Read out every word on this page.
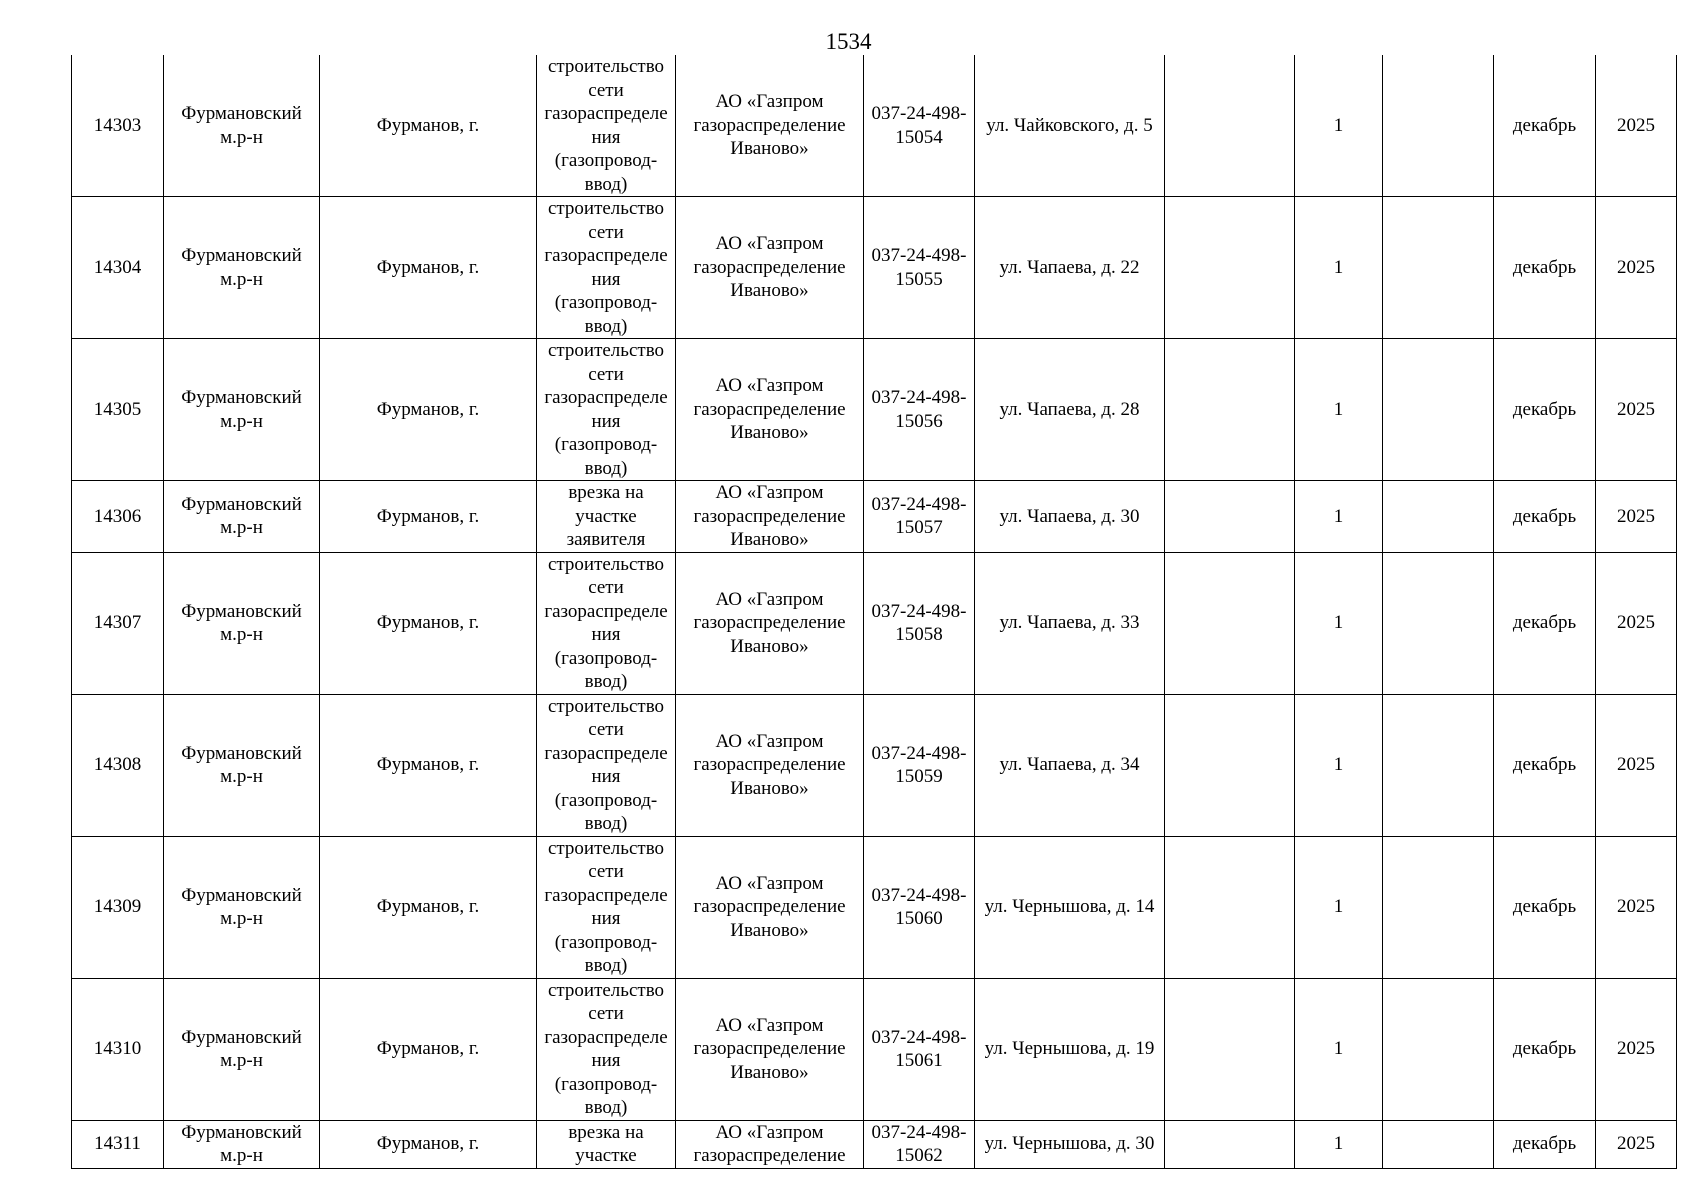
1534
14303	Фурмановский м.р-н	Фурманов, г.	строительство сети газораспределения (газопровод-ввод)	АО «Газпром газораспределение Иваново»	037-24-498-15054	ул. Чайковского, д. 5		1		декабрь	2025
14304	Фурмановский м.р-н	Фурманов, г.	строительство сети газораспределения (газопровод-ввод)	АО «Газпром газораспределение Иваново»	037-24-498-15055	ул. Чапаева, д. 22		1		декабрь	2025
14305	Фурмановский м.р-н	Фурманов, г.	строительство сети газораспределения (газопровод-ввод)	АО «Газпром газораспределение Иваново»	037-24-498-15056	ул. Чапаева, д. 28		1		декабрь	2025
14306	Фурмановский м.р-н	Фурманов, г.	врезка на участке заявителя	АО «Газпром газораспределение Иваново»	037-24-498-15057	ул. Чапаева, д. 30		1		декабрь	2025
14307	Фурмановский м.р-н	Фурманов, г.	строительство сети газораспределения (газопровод-ввод)	АО «Газпром газораспределение Иваново»	037-24-498-15058	ул. Чапаева, д. 33		1		декабрь	2025
14308	Фурмановский м.р-н	Фурманов, г.	строительство сети газораспределения (газопровод-ввод)	АО «Газпром газораспределение Иваново»	037-24-498-15059	ул. Чапаева, д. 34		1		декабрь	2025
14309	Фурмановский м.р-н	Фурманов, г.	строительство сети газораспределения (газопровод-ввод)	АО «Газпром газораспределение Иваново»	037-24-498-15060	ул. Чернышова, д. 14		1		декабрь	2025
14310	Фурмановский м.р-н	Фурманов, г.	строительство сети газораспределения (газопровод-ввод)	АО «Газпром газораспределение Иваново»	037-24-498-15061	ул. Чернышова, д. 19		1		декабрь	2025
14311	Фурмановский м.р-н	Фурманов, г.	врезка на участке	АО «Газпром газораспределение	037-24-498-15062	ул. Чернышова, д. 30		1		декабрь	2025
